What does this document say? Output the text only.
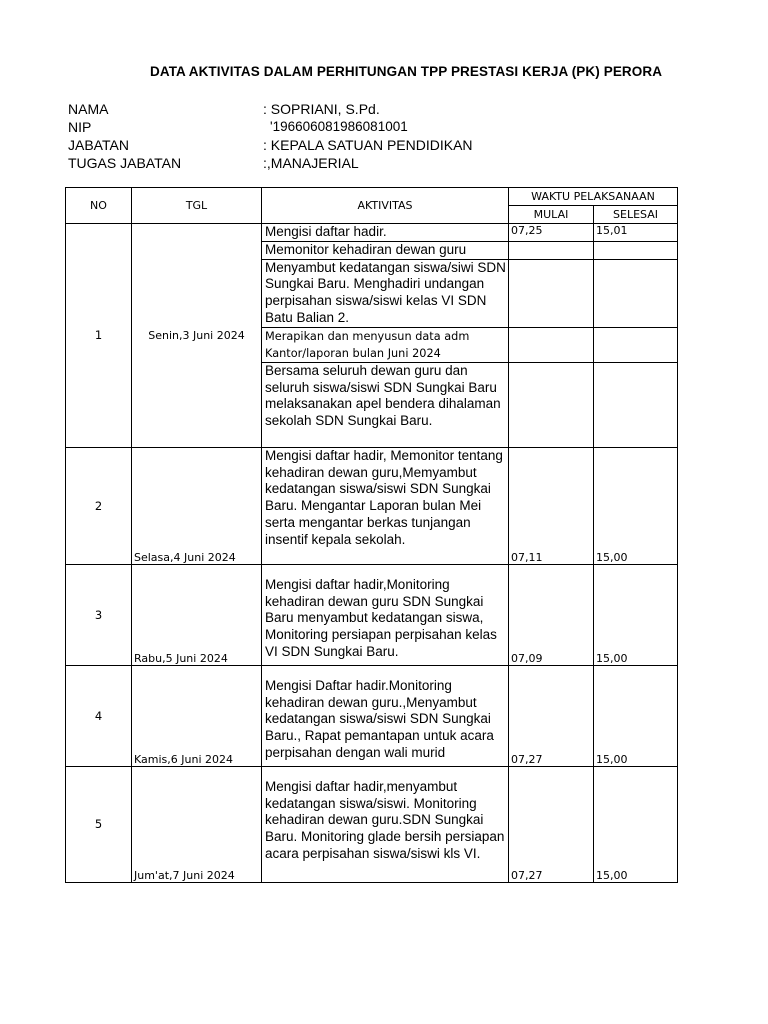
DATA AKTIVITAS DALAM PERHITUNGAN TPP PRESTASI KERJA (PK) PERORA
NAMA	: SOPRIANI, S.Pd.
NIP	'196606081986081001
JABATAN	: KEPALA SATUAN PENDIDIKAN
TUGAS JABATAN	:,MANAJERIAL
NO	TGL	AKTIVITAS	WAKTU PELAKSANAAN	
			MULAI	SELESAI
1	Senin,3 Juni 2024	Mengisi daftar hadir.	07,25	15,01
		Memonitor kehadiran dewan guru		
		Menyambut kedatangan siswa/siwi SDN Sungkai Baru. Menghadiri undangan perpisahan siswa/siswi kelas VI SDN Batu Balian 2.		
		Merapikan dan menyusun data adm Kantor/laporan bulan Juni 2024		
		Bersama seluruh dewan guru dan seluruh siswa/siswi SDN Sungkai Baru melaksanakan apel bendera dihalaman sekolah SDN Sungkai Baru.		
2	Selasa,4 Juni 2024	Mengisi daftar hadir, Memonitor tentang kehadiran dewan guru,Memyambut kedatangan siswa/siswi SDN Sungkai Baru. Mengantar Laporan bulan Mei serta mengantar berkas tunjangan insentif kepala sekolah.	07,11	15,00
3	Rabu,5 Juni 2024	Mengisi daftar hadir,Monitoring kehadiran dewan guru SDN Sungkai Baru menyambut kedatangan siswa, Monitoring persiapan perpisahan kelas VI SDN Sungkai Baru.	07,09	15,00
4	Kamis,6 Juni 2024	Mengisi Daftar hadir.Monitoring kehadiran dewan guru.,Menyambut kedatangan siswa/siswi SDN Sungkai Baru., Rapat pemantapan untuk acara perpisahan dengan wali murid	07,27	15,00
5	Jum'at,7 Juni 2024	Mengisi daftar hadir,menyambut kedatangan siswa/siswi. Monitoring kehadiran dewan guru.SDN Sungkai Baru. Monitoring glade bersih persiapan acara perpisahan siswa/siswi kls VI.	07,27	15,00
